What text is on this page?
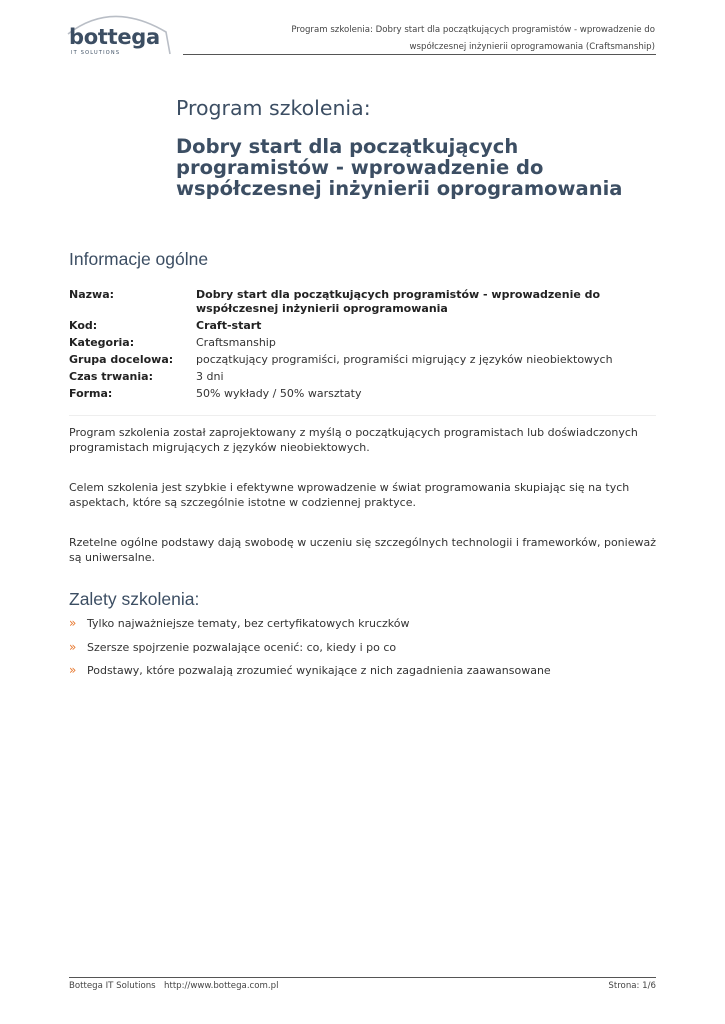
bottega
IT SOLUTIONS
Program szkolenia: Dobry start dla początkujących programistów - wprowadzenie do
współczesnej inżynierii oprogramowania (Craftsmanship)
Program szkolenia:
Dobry start dla początkujących programistów - wprowadzenie do współczesnej inżynierii oprogramowania
Informacje ogólne
Nazwa:	Dobry start dla początkujących programistów - wprowadzenie do współczesnej inżynierii oprogramowania
Kod:	Craft-start
Kategoria:	Craftsmanship
Grupa docelowa:	początkujący programiści, programiści migrujący z języków nieobiektowych
Czas trwania:	3 dni
Forma:	50% wykłady / 50% warsztaty

Program szkolenia został zaprojektowany z myślą o początkujących programistach lub doświadczonych programistach migrujących z języków nieobiektowych.

Celem szkolenia jest szybkie i efektywne wprowadzenie w świat programowania skupiając się na tych aspektach, które są szczególnie istotne w codziennej praktyce.

Rzetelne ogólne podstawy dają swobodę w uczeniu się szczególnych technologii i frameworków, ponieważ są uniwersalne.

Zalety szkolenia:
» Tylko najważniejsze tematy, bez certyfikatowych kruczków
» Szersze spojrzenie pozwalające ocenić: co, kiedy i po co
» Podstawy, które pozwalają zrozumieć wynikające z nich zagadnienia zaawansowane
Bottega IT Solutions http://www.bottega.com.pl	Strona: 1/6
